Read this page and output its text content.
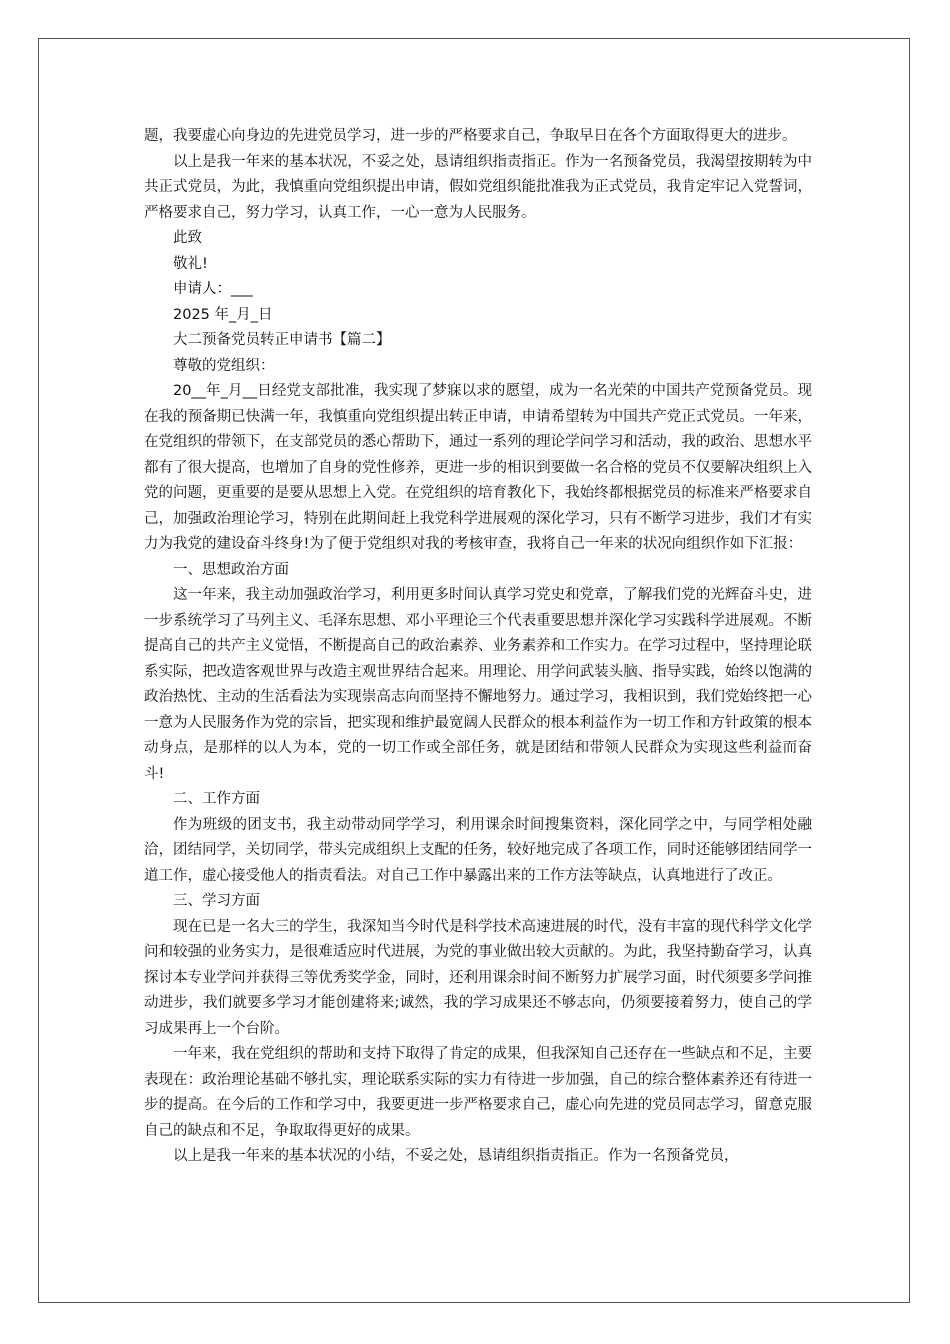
题，我要虚心向身边的先进党员学习，进一步的严格要求自己，争取早日在各个方面取得更大的进步。

以上是我一年来的基本状况，不妥之处，恳请组织指责指正。作为一名预备党员，我渴望按期转为中共正式党员，为此，我慎重向党组织提出申请，假如党组织能批准我为正式党员，我肯定牢记入党誓词，严格要求自己，努力学习，认真工作，一心一意为人民服务。

此致

敬礼!

申请人：___

2025 年_月_日

大二预备党员转正申请书【篇二】

尊敬的党组织：

20__年_月__日经党支部批准，我实现了梦寐以求的愿望，成为一名光荣的中国共产党预备党员。现在我的预备期已快满一年，我慎重向党组织提出转正申请，申请希望转为中国共产党正式党员。一年来，在党组织的带领下，在支部党员的悉心帮助下，通过一系列的理论学问学习和活动，我的政治、思想水平都有了很大提高，也增加了自身的党性修养，更进一步的相识到要做一名合格的党员不仅要解决组织上入党的问题，更重要的是要从思想上入党。在党组织的培育教化下，我始终都根据党员的标准来严格要求自己，加强政治理论学习，特别在此期间赶上我党科学进展观的深化学习，只有不断学习进步，我们才有实力为我党的建设奋斗终身!为了便于党组织对我的考核审查，我将自己一年来的状况向组织作如下汇报：

一、思想政治方面

这一年来，我主动加强政治学习，利用更多时间认真学习党史和党章，了解我们党的光辉奋斗史，进一步系统学习了马列主义、毛泽东思想、邓小平理论三个代表重要思想并深化学习实践科学进展观。不断提高自己的共产主义觉悟，不断提高自己的政治素养、业务素养和工作实力。在学习过程中，坚持理论联系实际，把改造客观世界与改造主观世界结合起来。用理论、用学问武装头脑、指导实践，始终以饱满的政治热忱、主动的生活看法为实现崇高志向而坚持不懈地努力。通过学习，我相识到，我们党始终把一心一意为人民服务作为党的宗旨，把实现和维护最宽阔人民群众的根本利益作为一切工作和方针政策的根本动身点，是那样的以人为本，党的一切工作或全部任务，就是团结和带领人民群众为实现这些利益而奋斗!

二、工作方面

作为班级的团支书，我主动带动同学学习，利用课余时间搜集资料，深化同学之中，与同学相处融洽，团结同学，关切同学，带头完成组织上支配的任务，较好地完成了各项工作，同时还能够团结同学一道工作，虚心接受他人的指责看法。对自己工作中暴露出来的工作方法等缺点，认真地进行了改正。

三、学习方面

现在已是一名大三的学生，我深知当今时代是科学技术高速进展的时代，没有丰富的现代科学文化学问和较强的业务实力，是很难适应时代进展，为党的事业做出较大贡献的。为此，我坚持勤奋学习，认真探讨本专业学问并获得三等优秀奖学金，同时，还利用课余时间不断努力扩展学习面，时代须要多学问推动进步，我们就要多学习才能创建将来;诚然，我的学习成果还不够志向，仍须要接着努力，使自己的学习成果再上一个台阶。

一年来，我在党组织的帮助和支持下取得了肯定的成果，但我深知自己还存在一些缺点和不足，主要表现在：政治理论基础不够扎实，理论联系实际的实力有待进一步加强，自己的综合整体素养还有待进一步的提高。在今后的工作和学习中，我要更进一步严格要求自己，虚心向先进的党员同志学习，留意克服自己的缺点和不足，争取取得更好的成果。

以上是我一年来的基本状况的小结，不妥之处，恳请组织指责指正。作为一名预备党员，
